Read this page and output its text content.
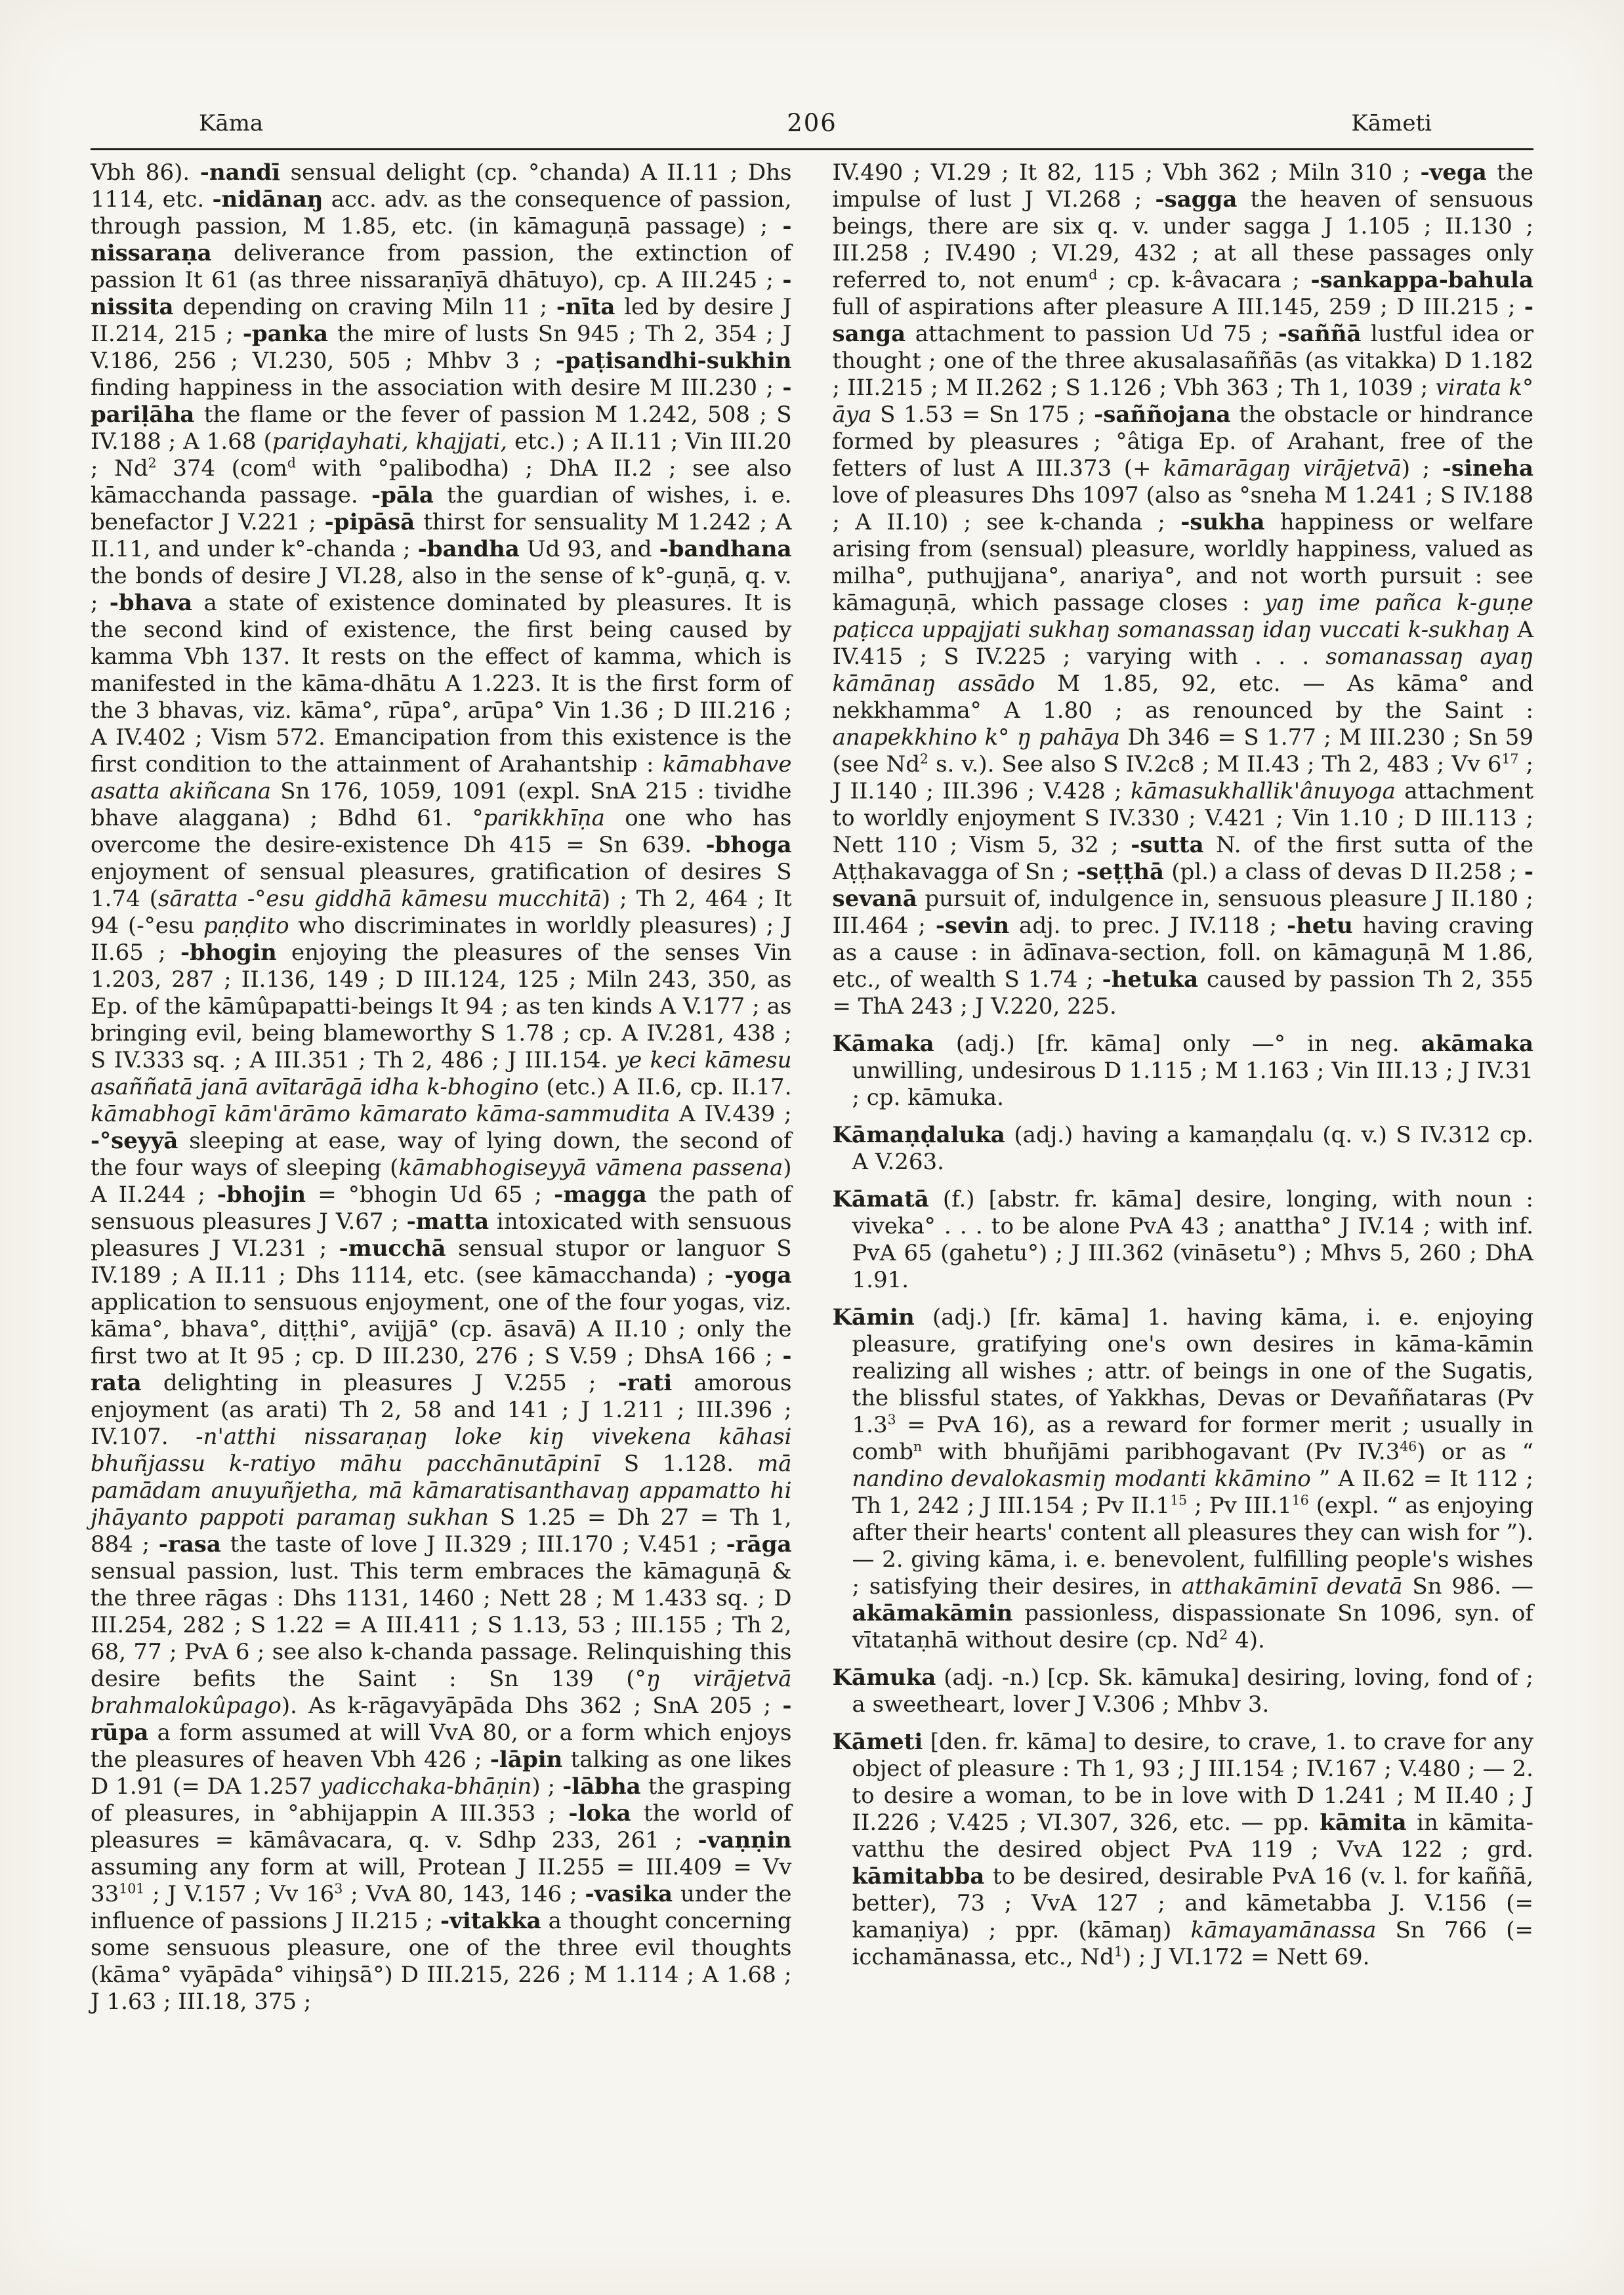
Kāma	206	Kāmeti
Vbh 86). -nandī sensual delight (cp. °chanda) A II.11 ; Dhs 1114, etc. -nidānaŋ acc. adv. as the consequence of passion, through passion, M 1.85, etc. (in kāmaguṇā passage) ; -nissaraṇa deliverance from passion, the extinction of passion It 61 (as three nissaraṇīyā dhātuyo), cp. A III.245 ; -nissita depending on craving Miln 11 ; -nīta led by desire J II.214, 215 ; -panka the mire of lusts Sn 945 ; Th 2, 354 ; J V.186, 256 ; VI.230, 505 ; Mhbv 3 ; -paṭisandhi-sukhin finding happiness in the association with desire M III.230 ; -pariḷāha the flame or the fever of passion M 1.242, 508 ; S IV.188 ; A 1.68 (pariḍayhati, khajjati, etc.) ; A II.11 ; Vin III.20 ; Nd$^2$ 374 (com$^d$ with °palibodha) ; DhA II.2 ; see also kāmacchanda passage. -pāla the guardian of wishes, i. e. benefactor J V.221 ; -pipāsā thirst for sensuality M 1.242 ; A II.11, and under k°-chanda ; -bandha Ud 93, and -bandhana the bonds of desire J VI.28, also in the sense of k°-guṇā, q. v. ; -bhava a state of existence dominated by pleasures. It is the second kind of existence, the first being caused by kamma Vbh 137. It rests on the effect of kamma, which is manifested in the kāma-dhātu A 1.223. It is the first form of the 3 bhavas, viz. kāma°, rūpa°, arūpa° Vin 1.36 ; D III.216 ; A IV.402 ; Vism 572. Emancipation from this existence is the first condition to the attainment of Arahantship : kāmabhave asatta akiñcana Sn 176, 1059, 1091 (expl. SnA 215 : tividhe bhave alaggana) ; Bdhd 61. °parikkhīṇa one who has overcome the desire-existence Dh 415 = Sn 639. -bhoga enjoyment of sensual pleasures, gratification of desires S 1.74 (sāratta -°esu giddhā kāmesu mucchitā) ; Th 2, 464 ; It 94 (-°esu paṇḍito who discriminates in worldly pleasures) ; J II.65 ; -bhogin enjoying the pleasures of the senses Vin 1.203, 287 ; II.136, 149 ; D III.124, 125 ; Miln 243, 350, as Ep. of the kāmûpapatti-beings It 94 ; as ten kinds A V.177 ; as bringing evil, being blameworthy S 1.78 ; cp. A IV.281, 438 ; S IV.333 sq. ; A III.351 ; Th 2, 486 ; J III.154. ye keci kāmesu asaññatā janā avītarāgā idha k-bhogino (etc.) A II.6, cp. II.17. kāmabhogī kām'ārāmo kāmarato kāma-sammudita A IV.439 ; -°seyyā sleeping at ease, way of lying down, the second of the four ways of sleeping (kāmabhogiseyyā vāmena passena) A II.244 ; -bhojin = °bhogin Ud 65 ; -magga the path of sensuous pleasures J V.67 ; -matta intoxicated with sensuous pleasures J VI.231 ; -mucchā sensual stupor or languor S IV.189 ; A II.11 ; Dhs 1114, etc. (see kāmacchanda) ; -yoga application to sensuous enjoyment, one of the four yogas, viz. kāma°, bhava°, diṭṭhi°, avijjā° (cp. āsavā) A II.10 ; only the first two at It 95 ; cp. D III.230, 276 ; S V.59 ; DhsA 166 ; -rata delighting in pleasures J V.255 ; -rati amorous enjoyment (as arati) Th 2, 58 and 141 ; J 1.211 ; III.396 ; IV.107. -n'atthi nissaraṇaŋ loke kiŋ vivekena kāhasi bhuñjassu k-ratiyo māhu pacchānutāpinī S 1.128. mā pamādam anuyuñjetha, mā kāmaratisanthavaŋ appamatto hi jhāyanto pappoti paramaŋ sukhan S 1.25 = Dh 27 = Th 1, 884 ; -rasa the taste of love J II.329 ; III.170 ; V.451 ; -rāga sensual passion, lust. This term embraces the kāmaguṇā & the three rāgas : Dhs 1131, 1460 ; Nett 28 ; M 1.433 sq. ; D III.254, 282 ; S 1.22 = A III.411 ; S 1.13, 53 ; III.155 ; Th 2, 68, 77 ; PvA 6 ; see also k-chanda passage. Relinquishing this desire befits the Saint : Sn 139 (°ŋ virājetvā brahmalokûpago). As k-rāgavyāpāda Dhs 362 ; SnA 205 ; -rūpa a form assumed at will VvA 80, or a form which enjoys the pleasures of heaven Vbh 426 ; -lāpin talking as one likes D 1.91 (= DA 1.257 yadicchaka-bhāṇin) ; -lābha the grasping of pleasures, in °abhijappin A III.353 ; -loka the world of pleasures = kāmâvacara, q. v. Sdhp 233, 261 ; -vaṇṇin assuming any form at will, Protean J II.255 = III.409 = Vv $33^{101}$ ; J V.157 ; Vv $16^3$ ; VvA 80, 143, 146 ; -vasika under the influence of passions J II.215 ; -vitakka a thought concerning some sensuous pleasure, one of the three evil thoughts (kāma° vyāpāda° vihiŋsā°) D III.215, 226 ; M 1.114 ; A 1.68 ; J 1.63 ; III.18, 375 ;
IV.490 ; VI.29 ; It 82, 115 ; Vbh 362 ; Miln 310 ; -vega the impulse of lust J VI.268 ; -sagga the heaven of sensuous beings, there are six q. v. under sagga J 1.105 ; II.130 ; III.258 ; IV.490 ; VI.29, 432 ; at all these passages only referred to, not enum$^d$ ; cp. k-âvacara ; -sankappa-bahula full of aspirations after pleasure A III.145, 259 ; D III.215 ; -sanga attachment to passion Ud 75 ; -saññā lustful idea or thought ; one of the three akusalasaññās (as vitakka) D 1.182 ; III.215 ; M II.262 ; S 1.126 ; Vbh 363 ; Th 1, 1039 ; virata k° āya S 1.53 = Sn 175 ; -saññojana the obstacle or hindrance formed by pleasures ; °âtiga Ep. of Arahant, free of the fetters of lust A III.373 (+ kāmarāgaŋ virājetvā) ; -sineha love of pleasures Dhs 1097 (also as °sneha M 1.241 ; S IV.188 ; A II.10) ; see k-chanda ; -sukha happiness or welfare arising from (sensual) pleasure, worldly happiness, valued as milha°, puthujjana°, anariya°, and not worth pursuit : see kāmaguṇā, which passage closes : yaŋ ime pañca k-guṇe paṭicca uppajjati sukhaŋ somanassaŋ idaŋ vuccati k-sukhaŋ A IV.415 ; S IV.225 ; varying with . . . somanassaŋ ayaŋ kāmānaŋ assādo M 1.85, 92, etc. — As kāma° and nekkhamma° A 1.80 ; as renounced by the Saint : anapekkhino k° ŋ pahāya Dh 346 = S 1.77 ; M III.230 ; Sn 59 (see Nd$^2$ s. v.). See also S IV.2c8 ; M II.43 ; Th 2, 483 ; Vv $6^{17}$ ; J II.140 ; III.396 ; V.428 ; kāmasukhallik'ânuyoga attachment to worldly enjoyment S IV.330 ; V.421 ; Vin 1.10 ; D III.113 ; Nett 110 ; Vism 5, 32 ; -sutta N. of the first sutta of the Aṭṭhakavagga of Sn ; -seṭṭhā (pl.) a class of devas D II.258 ; -sevanā pursuit of, indulgence in, sensuous pleasure J II.180 ; III.464 ; -sevin adj. to prec. J IV.118 ; -hetu having craving as a cause : in ādīnava-section, foll. on kāmaguṇā M 1.86, etc., of wealth S 1.74 ; -hetuka caused by passion Th 2, 355 = ThA 243 ; J V.220, 225.
Kāmaka (adj.) [fr. kāma] only —° in neg. akāmaka unwilling, undesirous D 1.115 ; M 1.163 ; Vin III.13 ; J IV.31 ; cp. kāmuka.
Kāmaṇḍaluka (adj.) having a kamaṇḍalu (q. v.) S IV.312 cp. A V.263.
Kāmatā (f.) [abstr. fr. kāma] desire, longing, with noun : viveka° . . . to be alone PvA 43 ; anattha° J IV.14 ; with inf. PvA 65 (gahetu°) ; J III.362 (vināsetu°) ; Mhvs 5, 260 ; DhA 1.91.
Kāmin (adj.) [fr. kāma] 1. having kāma, i. e. enjoying pleasure, gratifying one's own desires in kāma-kāmin realizing all wishes ; attr. of beings in one of the Sugatis, the blissful states, of Yakkhas, Devas or Devaññataras (Pv $1.3^3$ = PvA 16), as a reward for former merit ; usually in comb$^n$ with bhuñjāmi paribhogavant (Pv $IV.3^{46}$) or as “ nandino devalokasmiŋ modanti kkāmino ” A II.62 = It 112 ; Th 1, 242 ; J III.154 ; Pv $II.1^{15}$ ; Pv $III.1^{16}$ (expl. “ as enjoying after their hearts' content all pleasures they can wish for ”). — 2. giving kāma, i. e. benevolent, fulfilling people's wishes ; satisfying their desires, in atthakāminī devatā Sn 986. — akāmakāmin passionless, dispassionate Sn 1096, syn. of vītataṇhā without desire (cp. Nd$^2$ 4).
Kāmuka (adj. -n.) [cp. Sk. kāmuka] desiring, loving, fond of ; a sweetheart, lover J V.306 ; Mhbv 3.
Kāmeti [den. fr. kāma] to desire, to crave, 1. to crave for any object of pleasure : Th 1, 93 ; J III.154 ; IV.167 ; V.480 ; — 2. to desire a woman, to be in love with D 1.241 ; M II.40 ; J II.226 ; V.425 ; VI.307, 326, etc. — pp. kāmita in kāmita-vatthu the desired object PvA 119 ; VvA 122 ; grd. kāmitabba to be desired, desirable PvA 16 (v. l. for kaññā, better), 73 ; VvA 127 ; and kāmetabba J. V.156 (= kamaṇiya) ; ppr. (kāmaŋ) kāmayamānassa Sn 766 (= icchamānassa, etc., Nd$^1$) ; J VI.172 = Nett 69.
